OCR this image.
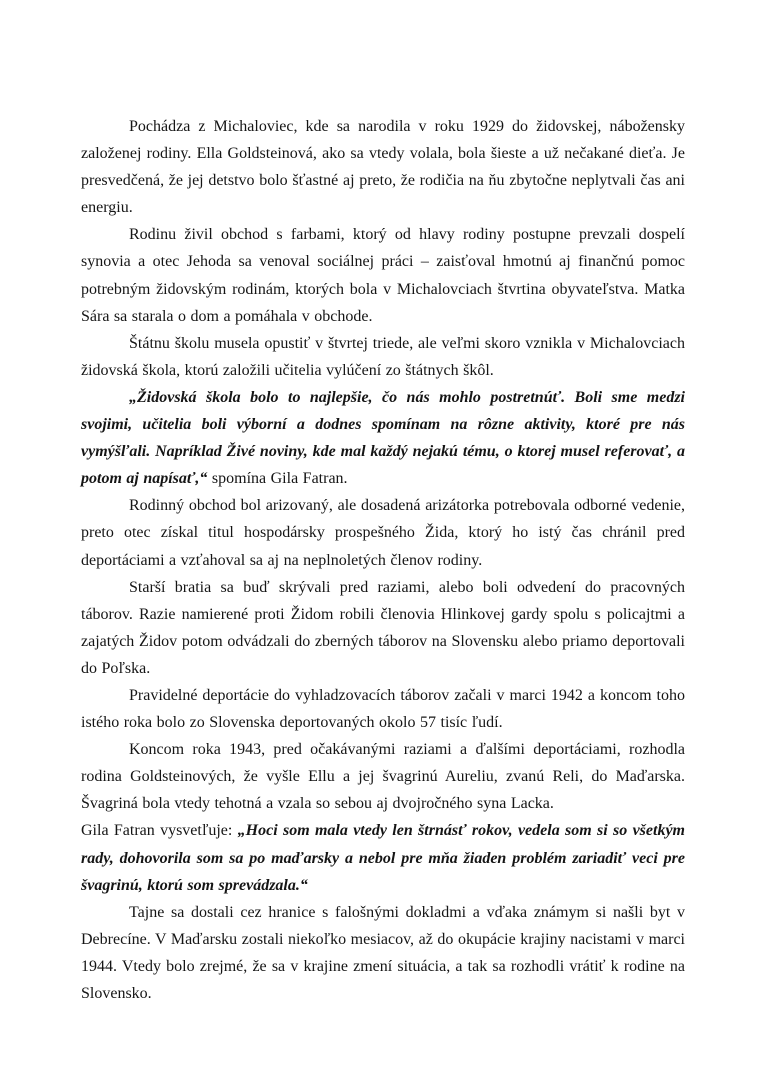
Pochádza z Michaloviec, kde sa narodila v roku 1929 do židovskej, nábožensky založenej rodiny. Ella Goldsteinová, ako sa vtedy volala, bola šieste a už nečakané dieťa. Je presvedčená, že jej detstvo bolo šťastné aj preto, že rodičia na ňu zbytočne neplytvali čas ani energiu.

Rodinu živil obchod s farbami, ktorý od hlavy rodiny postupne prevzali dospelí synovia a otec Jehoda sa venoval sociálnej práci – zaisťoval hmotnú aj finančnú pomoc potrebným židovským rodinám, ktorých bola v Michalovciach štvrtina obyvateľstva. Matka Sára sa starala o dom a pomáhala v obchode.

Štátnu školu musela opustiť v štvrtej triede, ale veľmi skoro vznikla v Michalovciach židovská škola, ktorú založili učitelia vylúčení zo štátnych škôl.

„Židovská škola bolo to najlepšie, čo nás mohlo postretnúť. Boli sme medzi svojimi, učitelia boli výborní a dodnes spomínam na rôzne aktivity, ktoré pre nás vymýšľali. Napríklad Živé noviny, kde mal každý nejakú tému, o ktorej musel referovať, a potom aj napísať,“ spomína Gila Fatran.

Rodinný obchod bol arizovaný, ale dosadená arizátorka potrebovala odborné vedenie, preto otec získal titul hospodársky prospešného Žida, ktorý ho istý čas chránil pred deportáciami a vzťahoval sa aj na neplnoletých členov rodiny.

Starší bratia sa buď skrývali pred raziami, alebo boli odvedení do pracovných táborov. Razie namierené proti Židom robili členovia Hlinkovej gardy spolu s policajtmi a zajatých Židov potom odvádzali do zberných táborov na Slovensku alebo priamo deportovali do Poľska.

Pravidelné deportácie do vyhladzovacích táborov začali v marci 1942 a koncom toho istého roka bolo zo Slovenska deportovaných okolo 57 tisíc ľudí.

Koncom roka 1943, pred očakávanými raziami a ďalšími deportáciami, rozhodla rodina Goldsteinových, že vyšle Ellu a jej švagrinú Aureliu, zvanú Reli, do Maďarska. Švagriná bola vtedy tehotná a vzala so sebou aj dvojročného syna Lacka.

Gila Fatran vysvetľuje: „Hoci som mala vtedy len štrnásť rokov, vedela som si so všetkým rady, dohovorila som sa po maďarsky a nebol pre mňa žiaden problém zariadiť veci pre švagrinú, ktorú som sprevádzala.“

Tajne sa dostali cez hranice s falošnými dokladmi a vďaka známym si našli byt v Debrecíne. V Maďarsku zostali niekoľko mesiacov, až do okupácie krajiny nacistami v marci 1944. Vtedy bolo zrejmé, že sa v krajine zmení situácia, a tak sa rozhodli vrátiť k rodine na Slovensko.
